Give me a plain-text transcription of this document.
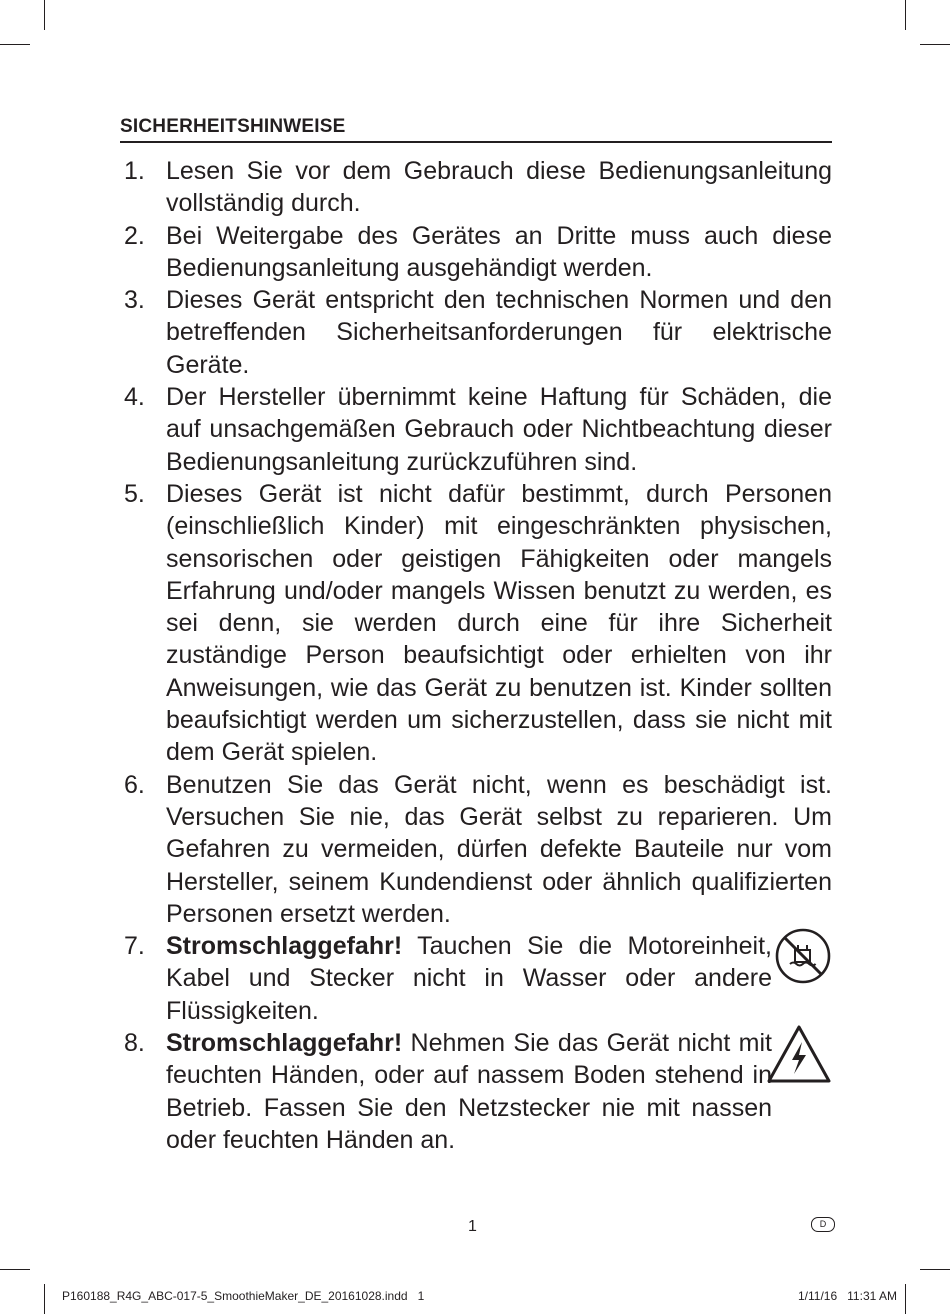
SICHERHEITSHINWEISE
1. Lesen Sie vor dem Gebrauch diese Bedienungsanleitung vollständig durch.
2. Bei Weitergabe des Gerätes an Dritte muss auch diese Bedienungsanleitung ausgehändigt werden.
3. Dieses Gerät entspricht den technischen Normen und den betreffenden Sicherheitsanforderungen für elektrische Geräte.
4. Der Hersteller übernimmt keine Haftung für Schäden, die auf unsachgemäßen Gebrauch oder Nichtbeachtung dieser Bedienungsanleitung zurückzuführen sind.
5. Dieses Gerät ist nicht dafür bestimmt, durch Personen (einschließlich Kinder) mit eingeschränkten physischen, sensorischen oder geistigen Fähigkeiten oder mangels Erfahrung und/oder mangels Wissen benutzt zu werden, es sei denn, sie werden durch eine für ihre Sicherheit zuständige Person beaufsichtigt oder erhielten von ihr Anweisungen, wie das Gerät zu benutzen ist. Kinder sollten beaufsichtigt werden um sicherzustellen, dass sie nicht mit dem Gerät spielen.
6. Benutzen Sie das Gerät nicht, wenn es beschädigt ist. Versuchen Sie nie, das Gerät selbst zu reparieren. Um Gefahren zu vermeiden, dürfen defekte Bauteile nur vom Hersteller, seinem Kundendienst oder ähnlich qualifizierten Personen ersetzt werden.
7. Stromschlaggefahr! Tauchen Sie die Motoreinheit, Kabel und Stecker nicht in Wasser oder andere Flüssigkeiten.
8. Stromschlaggefahr! Nehmen Sie das Gerät nicht mit feuchten Händen, oder auf nassem Boden stehend in Betrieb. Fassen Sie den Netzstecker nie mit nassen oder feuchten Händen an.
1	D
P160188_R4G_ABC-017-5_SmoothieMaker_DE_20161028.indd   1	1/11/16   11:31 AM
